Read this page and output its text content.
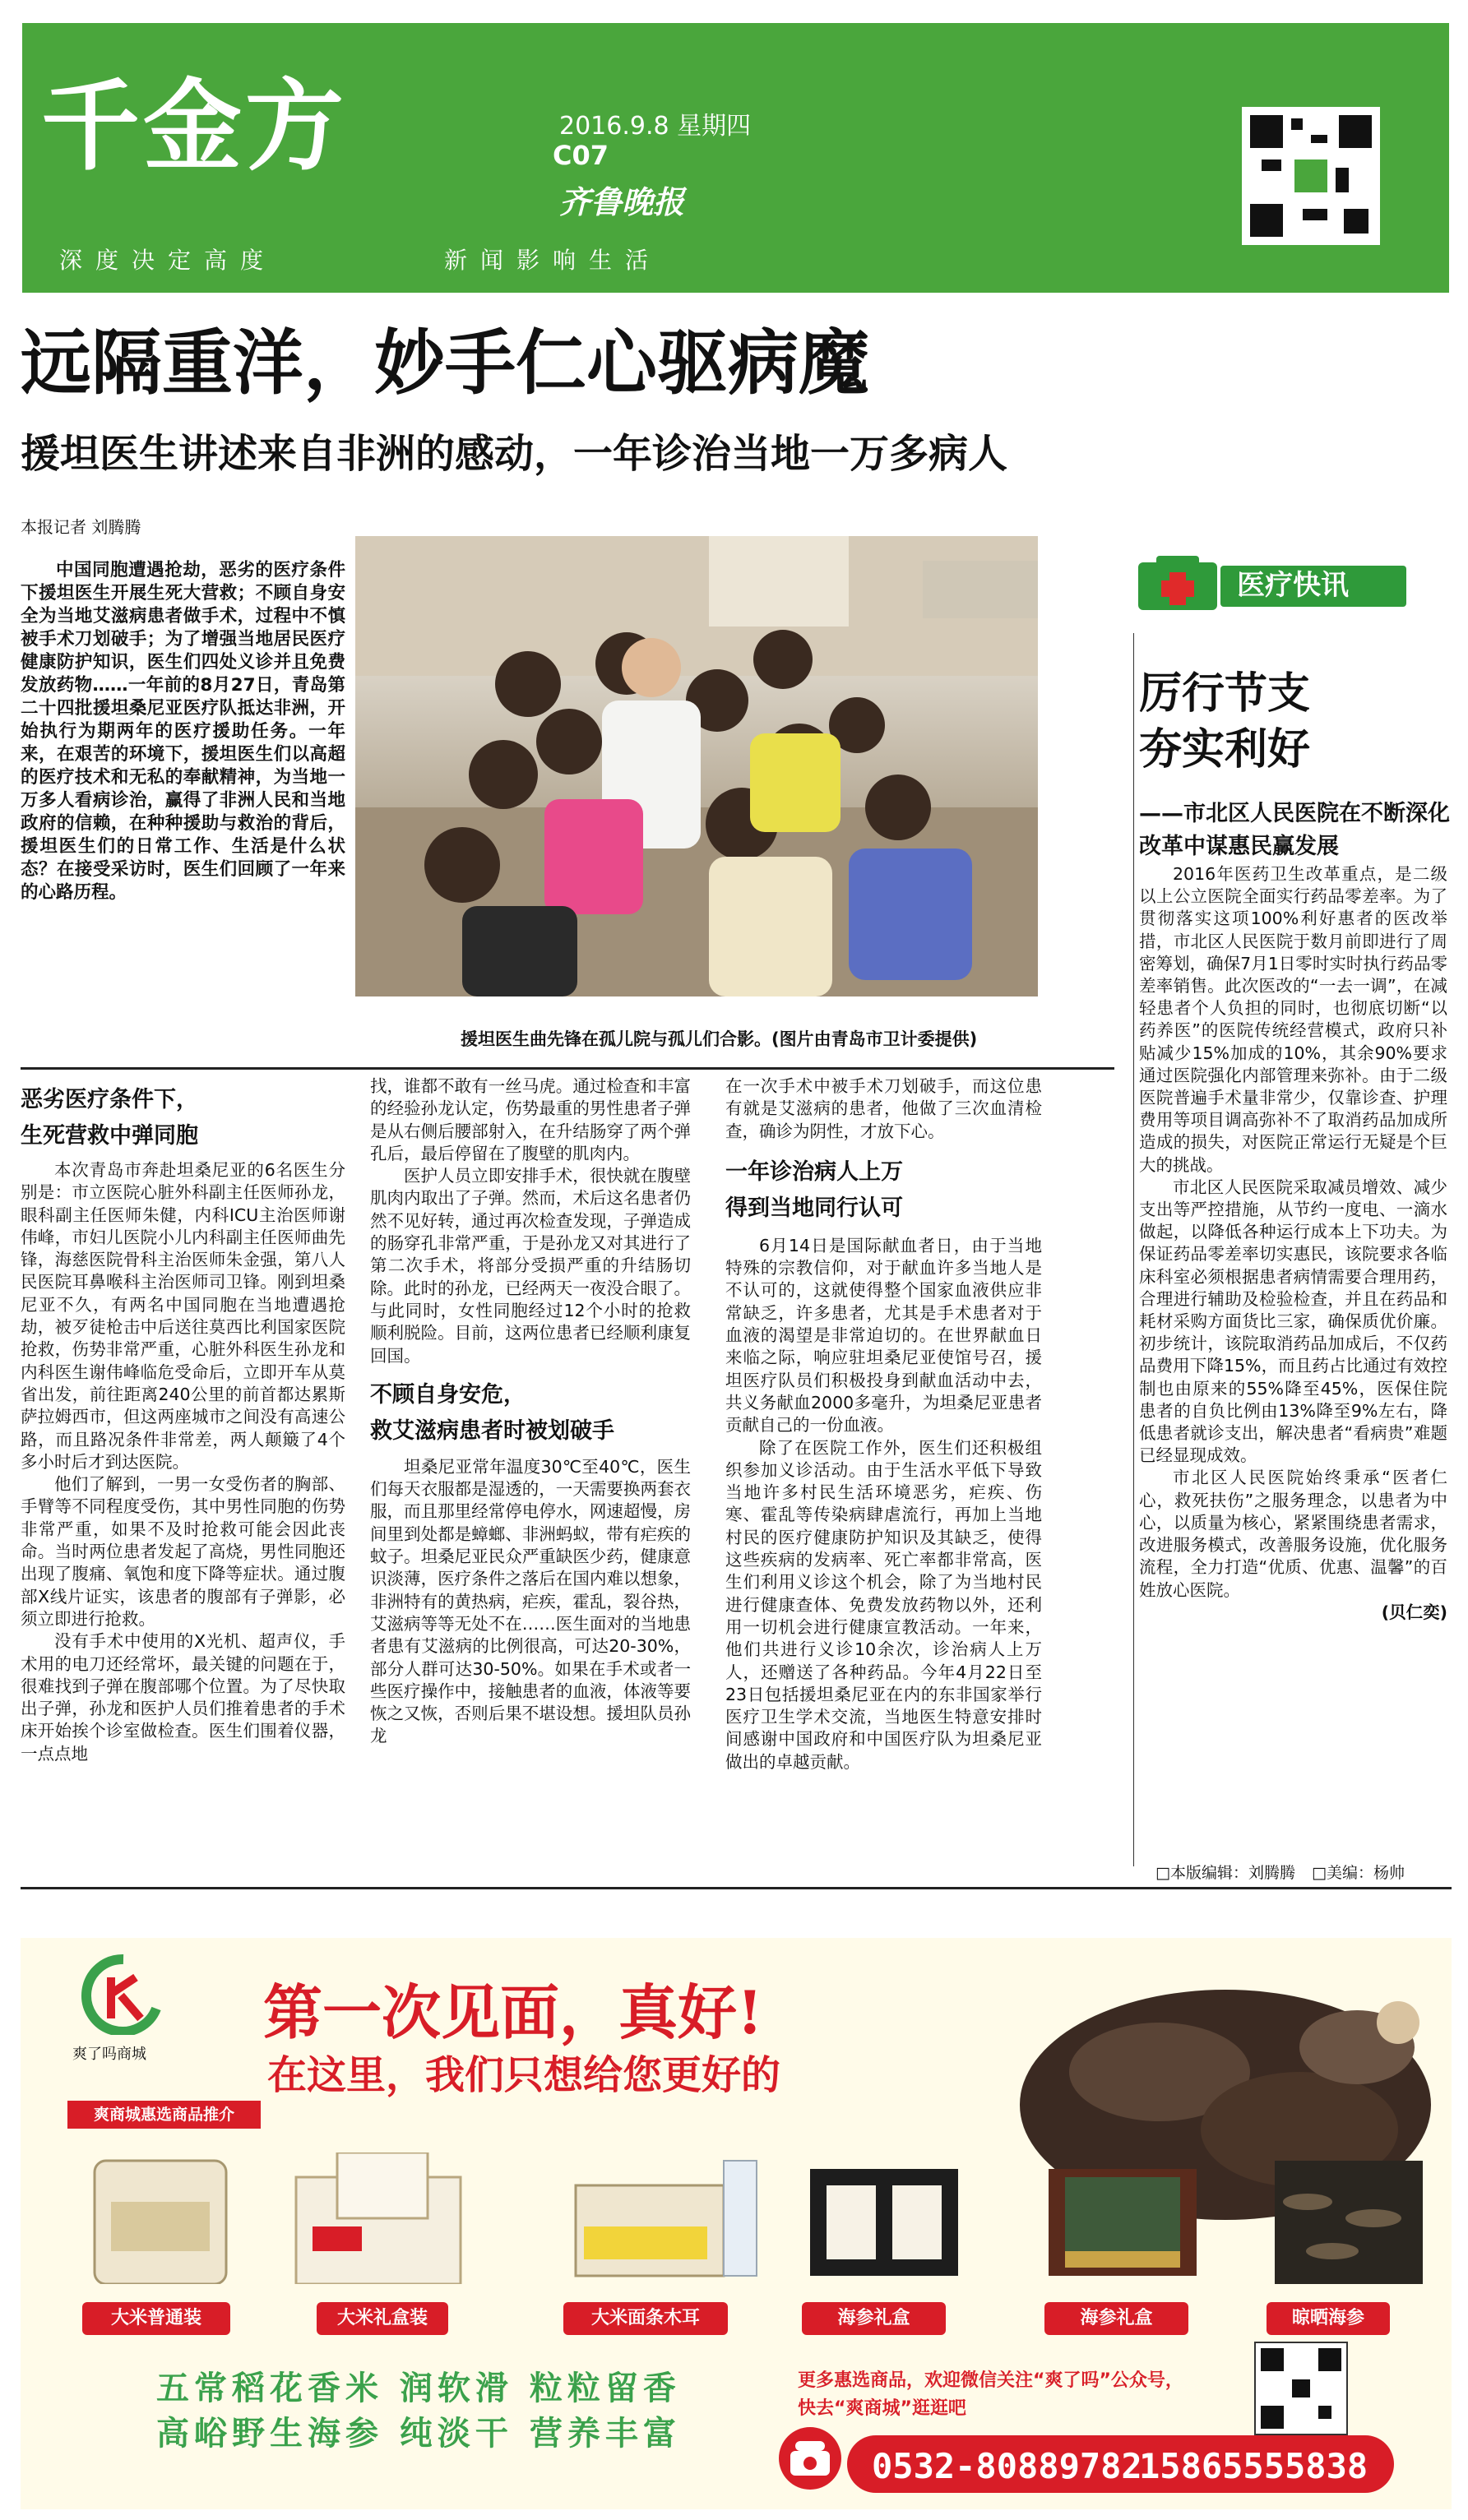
千金方	2016.9.8 星期四
C07
齐鲁晚报
深度决定高度	新闻影响生活
远隔重洋，妙手仁心驱病魔
援坦医生讲述来自非洲的感动，一年诊治当地一万多病人
本报记者 刘腾腾

中国同胞遭遇抢劫，恶劣的医疗条件下援坦医生开展生死大营救；不顾自身安全为当地艾滋病患者做手术，过程中不慎被手术刀划破手；为了增强当地居民医疗健康防护知识，医生们四处义诊并且免费发放药物……一年前的8月27日，青岛第二十四批援坦桑尼亚医疗队抵达非洲，开始执行为期两年的医疗援助任务。一年来，在艰苦的环境下，援坦医生们以高超的医疗技术和无私的奉献精神，为当地一万多人看病诊治，赢得了非洲人民和当地政府的信赖，在种种援助与救治的背后，援坦医生们的日常工作、生活是什么状态？在接受采访时，医生们回顾了一年来的心路历程。

援坦医生曲先锋在孤儿院与孤儿们合影。(图片由青岛市卫计委提供)
医疗快讯
厉行节支
夯实利好
——市北区人民医院在不断深化改革中谋惠民赢发展

2016年医药卫生改革重点，是二级以上公立医院全面实行药品零差率。为了贯彻落实这项100%利好惠者的医改举措，市北区人民医院于数月前即进行了周密筹划，确保7月1日零时实时执行药品零差率销售。此次医改的“一去一调”，在减轻患者个人负担的同时，也彻底切断“以药养医”的医院传统经营模式，政府只补贴减少15%加成的10%，其余90%要求通过医院强化内部管理来弥补。由于二级医院普遍手术量非常少，仅靠诊查、护理费用等项目调高弥补不了取消药品加成所造成的损失，对医院正常运行无疑是个巨大的挑战。

市北区人民医院采取减员增效、减少支出等严控措施，从节约一度电、一滴水做起，以降低各种运行成本上下功夫。为保证药品零差率切实惠民，该院要求各临床科室必须根据患者病情需要合理用药，合理进行辅助及检验检查，并且在药品和耗材采购方面货比三家，确保质优价廉。初步统计，该院取消药品加成后，不仅药品费用下降15%，而且药占比通过有效控制也由原来的55%降至45%，医保住院患者的自负比例由13%降至9%左右，降低患者就诊支出，解决患者“看病贵”难题已经显现成效。

市北区人民医院始终秉承“医者仁心，救死扶伤”之服务理念，以患者为中心，以质量为核心，紧紧围绕患者需求，改进服务模式，改善服务设施，优化服务流程，全力打造“优质、优惠、温馨”的百姓放心医院。

(贝仁奕)
恶劣医疗条件下，
生死营救中弹同胞

本次青岛市奔赴坦桑尼亚的6名医生分别是：市立医院心脏外科副主任医师孙龙，眼科副主任医师朱健，内科ICU主治医师谢伟峰，市妇儿医院小儿内科副主任医师曲先锋，海慈医院骨科主治医师朱金强，第八人民医院耳鼻喉科主治医师司卫锋。刚到坦桑尼亚不久，有两名中国同胞在当地遭遇抢劫，被歹徒枪击中后送往莫西比利国家医院抢救，伤势非常严重，心脏外科医生孙龙和内科医生谢伟峰临危受命后，立即开车从莫省出发，前往距离240公里的前首都达累斯萨拉姆西市，但这两座城市之间没有高速公路，而且路况条件非常差，两人颠簸了4个多小时后才到达医院。

他们了解到，一男一女受伤者的胸部、手臂等不同程度受伤，其中男性同胞的伤势非常严重，如果不及时抢救可能会因此丧命。当时两位患者发起了高烧，男性同胞还出现了腹痛、氧饱和度下降等症状。通过腹部X线片证实，该患者的腹部有子弹影，必须立即进行抢救。

没有手术中使用的X光机、超声仪，手术用的电刀还经常坏，最关键的问题在于，很难找到子弹在腹部哪个位置。为了尽快取出子弹，孙龙和医护人员们推着患者的手术床开始挨个诊室做检查。医生们围着仪器，一点点地

找，谁都不敢有一丝马虎。通过检查和丰富的经验孙龙认定，伤势最重的男性患者子弹是从右侧后腰部射入，在升结肠穿了两个弹孔后，最后停留在了腹壁的肌肉内。

医护人员立即安排手术，很快就在腹壁肌肉内取出了子弹。然而，术后这名患者仍然不见好转，通过再次检查发现，子弹造成的肠穿孔非常严重，于是孙龙又对其进行了第二次手术，将部分受损严重的升结肠切除。此时的孙龙，已经两天一夜没合眼了。与此同时，女性同胞经过12个小时的抢救顺利脱险。目前，这两位患者已经顺利康复回国。

不顾自身安危，
救艾滋病患者时被划破手

坦桑尼亚常年温度30℃至40℃，医生们每天衣服都是湿透的，一天需要换两套衣服，而且那里经常停电停水，网速超慢，房间里到处都是蟑螂、非洲蚂蚁，带有疟疾的蚊子。坦桑尼亚民众严重缺医少药，健康意识淡薄，医疗条件之落后在国内难以想象，非洲特有的黄热病，疟疾，霍乱，裂谷热，艾滋病等等无处不在……医生面对的当地患者患有艾滋病的比例很高，可达20-30%，部分人群可达30-50%。如果在手术或者一些医疗操作中，接触患者的血液，体液等要恢之又恢，否则后果不堪设想。援坦队员孙龙

在一次手术中被手术刀划破手，而这位患有就是艾滋病的患者，他做了三次血清检查，确诊为阴性，才放下心。

一年诊治病人上万
得到当地同行认可

6月14日是国际献血者日，由于当地特殊的宗教信仰，对于献血许多当地人是不认可的，这就使得整个国家血液供应非常缺乏，许多患者，尤其是手术患者对于血液的渴望是非常迫切的。在世界献血日来临之际，响应驻坦桑尼亚使馆号召，援坦医疗队员们积极投身到献血活动中去，共义务献血2000多毫升，为坦桑尼亚患者贡献自己的一份血液。

除了在医院工作外，医生们还积极组织参加义诊活动。由于生活水平低下导致当地许多村民生活环境恶劣，疟疾、伤寒、霍乱等传染病肆虐流行，再加上当地村民的医疗健康防护知识及其缺乏，使得这些疾病的发病率、死亡率都非常高，医生们利用义诊这个机会，除了为当地村民进行健康查体、免费发放药物以外，还利用一切机会进行健康宣教活动。一年来，他们共进行义诊10余次，诊治病人上万人，还赠送了各种药品。今年4月22日至23日包括援坦桑尼亚在内的东非国家举行医疗卫生学术交流，当地医生特意安排时间感谢中国政府和中国医疗队为坦桑尼亚做出的卓越贡献。

□本版编辑：刘腾腾 □美编：杨帅
爽了吗商城
第一次见面，真好!
在这里，我们只想给您更好的
爽商城惠选商品推介
大米普通装	大米礼盒装	大米面条木耳	海参礼盒	海参礼盒	晾晒海参
五常稻花香米 润软滑 粒粒留香
高峪野生海参 纯淡干 营养丰富
更多惠选商品，欢迎微信关注“爽了吗”公众号，
快去“爽商城”逛逛吧
0532-80889782
15865555838
